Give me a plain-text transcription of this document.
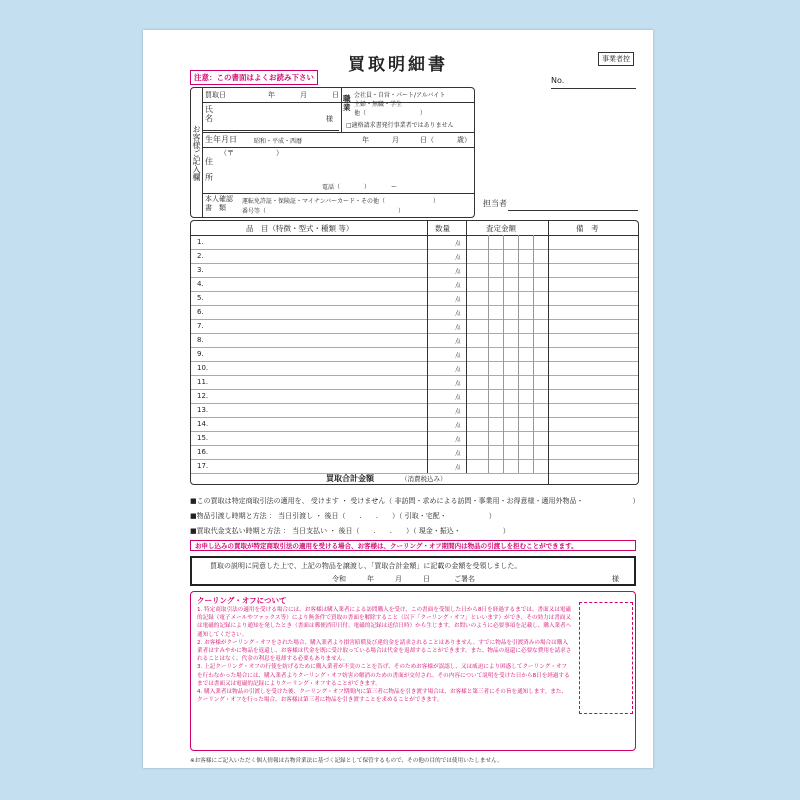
買取明細書	事業者控
No.
注意：この書面はよくお読み下さい
お客様ご記入欄
買取日	年	月	日
氏名	様
職業
会社員・自営・パート/アルバイト
主婦・無職・学生
他（　　　　　　　　　）
□適格請求書発行事業者ではありません
生年月日	昭和・平成・西暦	年	月	日（	歳）
住所
（〒　　　　　　）
電話（　　　　）　　　　ー
本人確認書　類
運転免許証・保険証・マイナンバーカード・その他（　　　　　　　　）
番号等（　　　　　　　　　　　　　　　　　　　　　　）
担当者
品　目（特徴・型式・種類 等）	数量	査定金額	備　考
1.	点
2.	点
3.	点
4.	点
5.	点
6.	点
7.	点
8.	点
9.	点
10.	点
11.	点
12.	点
13.	点
14.	点
15.	点
16.	点
17.	点
買取合計金額	（消費税込み）
■この買取は特定商取引法の適用を、 受けます ・ 受けません（ 非訪問・求めによる訪問・事業用・お得意様・適用外物品・　　　　　　　）
■物品引渡し時期と方法 ： 当日引渡し ・ 後日（　　.　　.　　）（ 引取・宅配・　　　　　　）
■買取代金支払い時期と方法 ： 当日支払い ・ 後日（　　.　　.　　）（ 現金・振込・　　　　　　）
お申し込みの買取が特定商取引法の適用を受ける場合、お客様は、クーリング・オフ期間内は物品の引渡しを拒むことができます。
買取の説明に同意した上で、上記の物品を譲渡し、「買取合計金額」に記載の金額を受領しました。
令和　　　年　　　月　　　日	ご署名	様
クーリング・オフについて
1. 特定商取引法の適用を受ける場合には、お客様は購入業者による訪問購入を受け、この書面を受領した日から8日を経過するまでは、書面又は電磁的記録（電子メールやファックス等）により無条件で買取の書面を解除すること（以下「クーリング・オフ」といいます）ができ、その効力は書面又は電磁的記録により通知を発したとき（書面は郵便消印日付、電磁的記録は送信日時）から生じます。お問いのように必要事項を記載し、購入業者へ通知してください。
2. お客様がクーリング・オフをされた場合、購入業者より損害賠償及び違約金を請求されることはありません。すでに物品を引渡済みの場合は購入業者はすみやかに物品を返還し、お客様は代金を既に受け取っている場合は代金を返却することができます。また、物品の返還に必要な費用を請求されることはなく、代金の利息を返却する必要もありません。
3. 上記クーリング・オフの行使を妨げるために購入業者が不実のことを告げ、そのためお客様が誤認し、又は威迫により困惑してクーリング・オフを行わなかった場合には、購入業者よりクーリング・オフ妨害の解消のための書面が交付され、その内容について説明を受けた日から8日を経過するまでは書面又は電磁的記録によりクーリング・オフすることができます。
4. 購入業者は物品の引渡しを受けた後、クーリング・オフ期間内に第三者に物品を引き渡す場合は、お客様と第三者にその旨を通知します。また、クーリング・オフを行った場合、お客様は第三者に物品を引き渡すことを求めることができます。
※お客様にご記入いただく個人情報は古物営業法に基づく記録として保管するもので、その他の目的では使用いたしません。
